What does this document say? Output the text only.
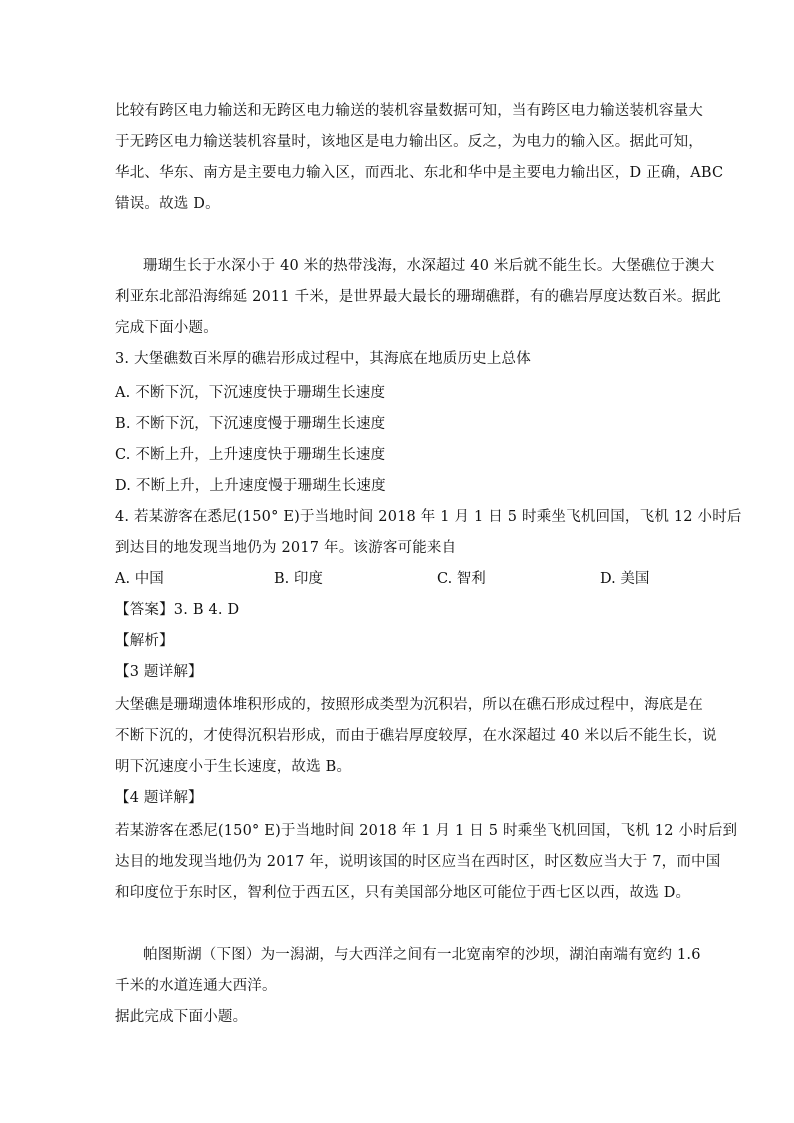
比较有跨区电力输送和无跨区电力输送的装机容量数据可知，当有跨区电力输送装机容量大
于无跨区电力输送装机容量时，该地区是电力输出区。反之，为电力的输入区。据此可知，
华北、华东、南方是主要电力输入区，而西北、东北和华中是主要电力输出区，D 正确，ABC
错误。故选 D。
珊瑚生长于水深小于 40 米的热带浅海，水深超过 40 米后就不能生长。大堡礁位于澳大
利亚东北部沿海绵延 2011 千米，是世界最大最长的珊瑚礁群，有的礁岩厚度达数百米。据此
完成下面小题。
3. 大堡礁数百米厚的礁岩形成过程中，其海底在地质历史上总体
A. 不断下沉，下沉速度快于珊瑚生长速度
B. 不断下沉，下沉速度慢于珊瑚生长速度
C. 不断上升，上升速度快于珊瑚生长速度
D. 不断上升，上升速度慢于珊瑚生长速度
4. 若某游客在悉尼(150° E)于当地时间 2018 年 1 月 1 日 5 时乘坐飞机回国，飞机 12 小时后
到达目的地发现当地仍为 2017 年。该游客可能来自
A. 中国	B. 印度	C. 智利	D. 美国
【答案】3. B 4. D
【解析】
【3 题详解】
大堡礁是珊瑚遗体堆积形成的，按照形成类型为沉积岩，所以在礁石形成过程中，海底是在
不断下沉的，才使得沉积岩形成，而由于礁岩厚度较厚，在水深超过 40 米以后不能生长，说
明下沉速度小于生长速度，故选 B。
【4 题详解】
若某游客在悉尼(150° E)于当地时间 2018 年 1 月 1 日 5 时乘坐飞机回国，飞机 12 小时后到
达目的地发现当地仍为 2017 年，说明该国的时区应当在西时区，时区数应当大于 7，而中国
和印度位于东时区，智利位于西五区，只有美国部分地区可能位于西七区以西，故选 D。
帕图斯湖（下图）为一潟湖，与大西洋之间有一北宽南窄的沙坝，湖泊南端有宽约 1.6
千米的水道连通大西洋。
据此完成下面小题。
